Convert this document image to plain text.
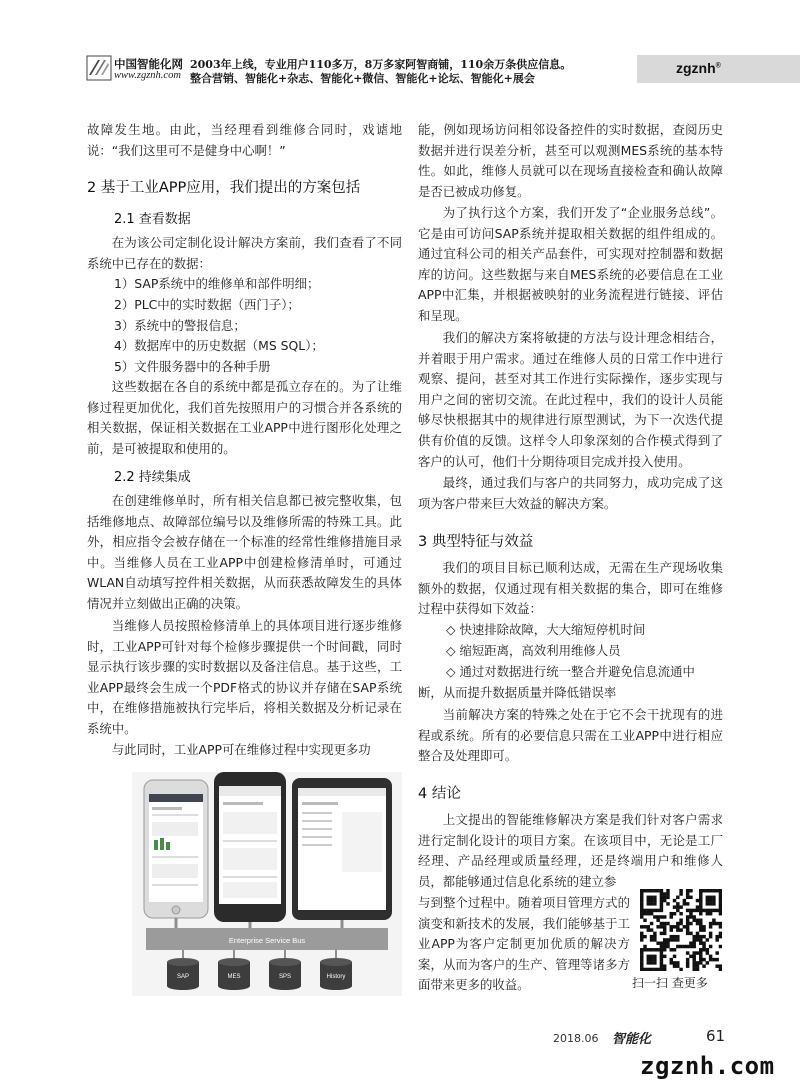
中国智能化网
www.zgznh.com
2003年上线，专业用户110多万，8万多家阿智商铺，110余万条供应信息。
整合营销、智能化+杂志、智能化+微信、智能化+论坛、智能化+展会
zgznh®
故障发生地。由此，当经理看到维修合同时，戏谑地说：“我们这里可不是健身中心啊！”
2 基于工业APP应用，我们提出的方案包括
2.1 查看数据
在为该公司定制化设计解决方案前，我们查看了不同系统中已存在的数据：
1）SAP系统中的维修单和部件明细；
2）PLC中的实时数据（西门子）；
3）系统中的警报信息；
4）数据库中的历史数据（MS SQL）；
5）文件服务器中的各种手册
这些数据在各自的系统中都是孤立存在的。为了让维修过程更加优化，我们首先按照用户的习惯合并各系统的相关数据，保证相关数据在工业APP中进行图形化处理之前，是可被提取和使用的。
2.2 持续集成
在创建维修单时，所有相关信息都已被完整收集，包括维修地点、故障部位编号以及维修所需的特殊工具。此外，相应指令会被存储在一个标准的经常性维修措施目录中。当维修人员在工业APP中创建检修清单时，可通过WLAN自动填写控件相关数据，从而获悉故障发生的具体情况并立刻做出正确的决策。
当维修人员按照检修清单上的具体项目进行逐步维修时，工业APP可针对每个检修步骤提供一个时间戳，同时显示执行该步骤的实时数据以及备注信息。基于这些，工业APP最终会生成一个PDF格式的协议并存储在SAP系统中，在维修措施被执行完毕后，将相关数据及分析记录在系统中。
与此同时，工业APP可在维修过程中实现更多功
Enterprise Service Bus
SAP	MES	SPS	History
能，例如现场访问相邻设备控件的实时数据，查阅历史数据并进行误差分析，甚至可以观测MES系统的基本特性。如此，维修人员就可以在现场直接检查和确认故障是否已被成功修复。
为了执行这个方案，我们开发了“企业服务总线”。它是由可访问SAP系统并提取相关数据的组件组成的。通过宜科公司的相关产品套件，可实现对控制器和数据库的访问。这些数据与来自MES系统的必要信息在工业APP中汇集，并根据被映射的业务流程进行链接、评估和呈现。
我们的解决方案将敏捷的方法与设计理念相结合，并着眼于用户需求。通过在维修人员的日常工作中进行观察、提问，甚至对其工作进行实际操作，逐步实现与用户之间的密切交流。在此过程中，我们的设计人员能够尽快根据其中的规律进行原型测试，为下一次迭代提供有价值的反馈。这样令人印象深刻的合作模式得到了客户的认可，他们十分期待项目完成并投入使用。
最终，通过我们与客户的共同努力，成功完成了这项为客户带来巨大效益的解决方案。
3 典型特征与效益
我们的项目目标已顺利达成，无需在生产现场收集额外的数据，仅通过现有相关数据的集合，即可在维修过程中获得如下效益：
◇ 快速排除故障，大大缩短停机时间
◇ 缩短距离，高效利用维修人员
◇ 通过对数据进行统一整合并避免信息流通中
断，从而提升数据质量并降低错误率
当前解决方案的特殊之处在于它不会干扰现有的进程或系统。所有的必要信息只需在工业APP中进行相应整合及处理即可。
4 结论
上文提出的智能维修解决方案是我们针对客户需求进行定制化设计的项目方案。在该项目中，无论是工厂经理、产品经理或质量经理，还是终端用户和维修人员，都能够通过信息化系统的建立参
与到整个过程中。随着项目管理方式的演变和新技术的发展，我们能够基于工业APP为客户定制更加优质的解决方案，从而为客户的生产、管理等诸多方面带来更多的收益。	扫一扫 查更多
2018.06 智能化	61
zgznh.com
